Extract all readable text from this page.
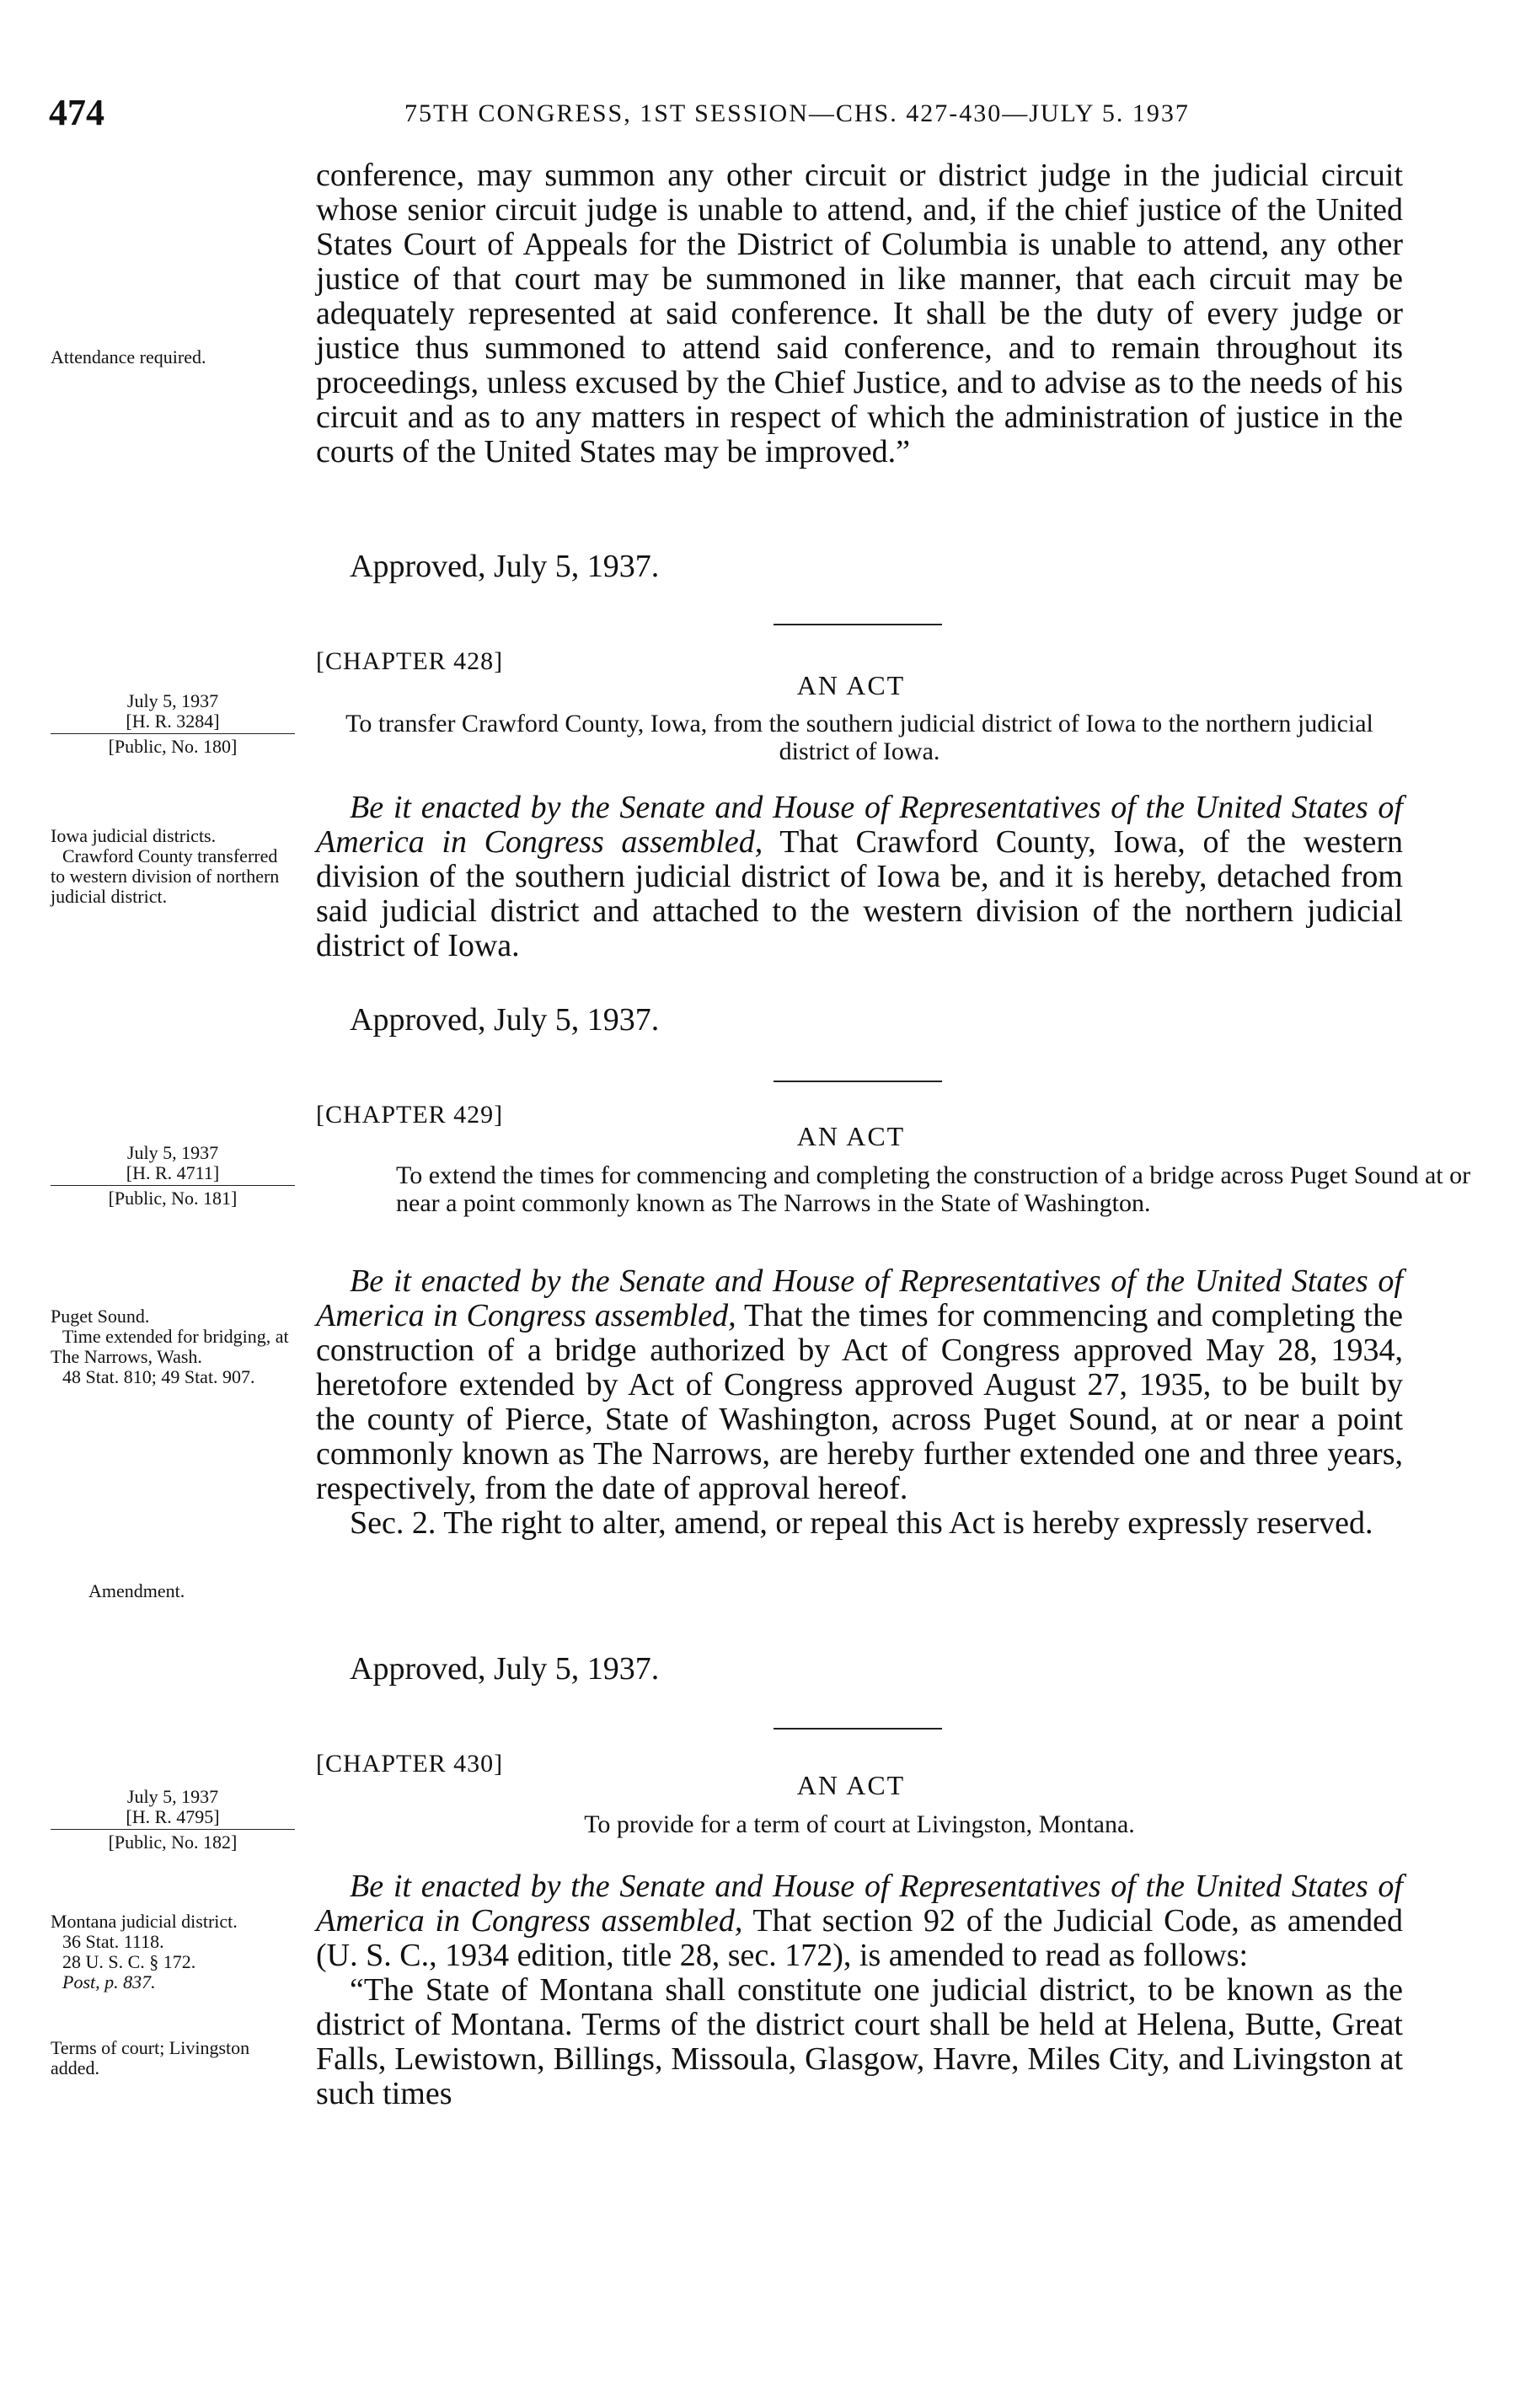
474	75TH CONGRESS, 1ST SESSION—CHS. 427-430—JULY 5. 1937

conference, may summon any other circuit or district judge in the judicial circuit whose senior circuit judge is unable to attend, and, if the chief justice of the United States Court of Appeals for the District of Columbia is unable to attend, any other justice of that court may be summoned in like manner, that each circuit may be adequately represented at said conference. It shall be the duty of every judge or justice thus summoned to attend said conference, and to remain throughout its proceedings, unless excused by the Chief Justice, and to advise as to the needs of his circuit and as to any matters in respect of which the administration of justice in the courts of the United States may be improved.”

Approved, July 5, 1937.
Attendance required.
[CHAPTER 428]
AN ACT
To transfer Crawford County, Iowa, from the southern judicial district of Iowa to the northern judicial district of Iowa.
July 5, 1937
[H. R. 3284]
[Public, No. 180]

Be it enacted by the Senate and House of Representatives of the United States of America in Congress assembled, That Crawford County, Iowa, of the western division of the southern judicial district of Iowa be, and it is hereby, detached from said judicial district and attached to the western division of the northern judicial district of Iowa.

Approved, July 5, 1937.
Iowa judicial districts.
Crawford County transferred to western division of northern judicial district.
[CHAPTER 429]
AN ACT
To extend the times for commencing and completing the construction of a bridge across Puget Sound at or near a point commonly known as The Narrows in the State of Washington.
July 5, 1937
[H. R. 4711]
[Public, No. 181]

Be it enacted by the Senate and House of Representatives of the United States of America in Congress assembled, That the times for commencing and completing the construction of a bridge authorized by Act of Congress approved May 28, 1934, heretofore extended by Act of Congress approved August 27, 1935, to be built by the county of Pierce, State of Washington, across Puget Sound, at or near a point commonly known as The Narrows, are hereby further extended one and three years, respectively, from the date of approval hereof.

Sec. 2. The right to alter, amend, or repeal this Act is hereby expressly reserved.

Approved, July 5, 1937.
Puget Sound.
Time extended for bridging, at The Narrows, Wash.
48 Stat. 810; 49 Stat. 907.
Amendment.
[CHAPTER 430]
AN ACT
To provide for a term of court at Livingston, Montana.
July 5, 1937
[H. R. 4795]
[Public, No. 182]

Be it enacted by the Senate and House of Representatives of the United States of America in Congress assembled, That section 92 of the Judicial Code, as amended (U. S. C., 1934 edition, title 28, sec. 172), is amended to read as follows:

“The State of Montana shall constitute one judicial district, to be known as the district of Montana. Terms of the district court shall be held at Helena, Butte, Great Falls, Lewistown, Billings, Missoula, Glasgow, Havre, Miles City, and Livingston at such times

Montana judicial district.
36 Stat. 1118.
28 U. S. C. § 172.
Post, p. 837.
Terms of court; Livingston added.
